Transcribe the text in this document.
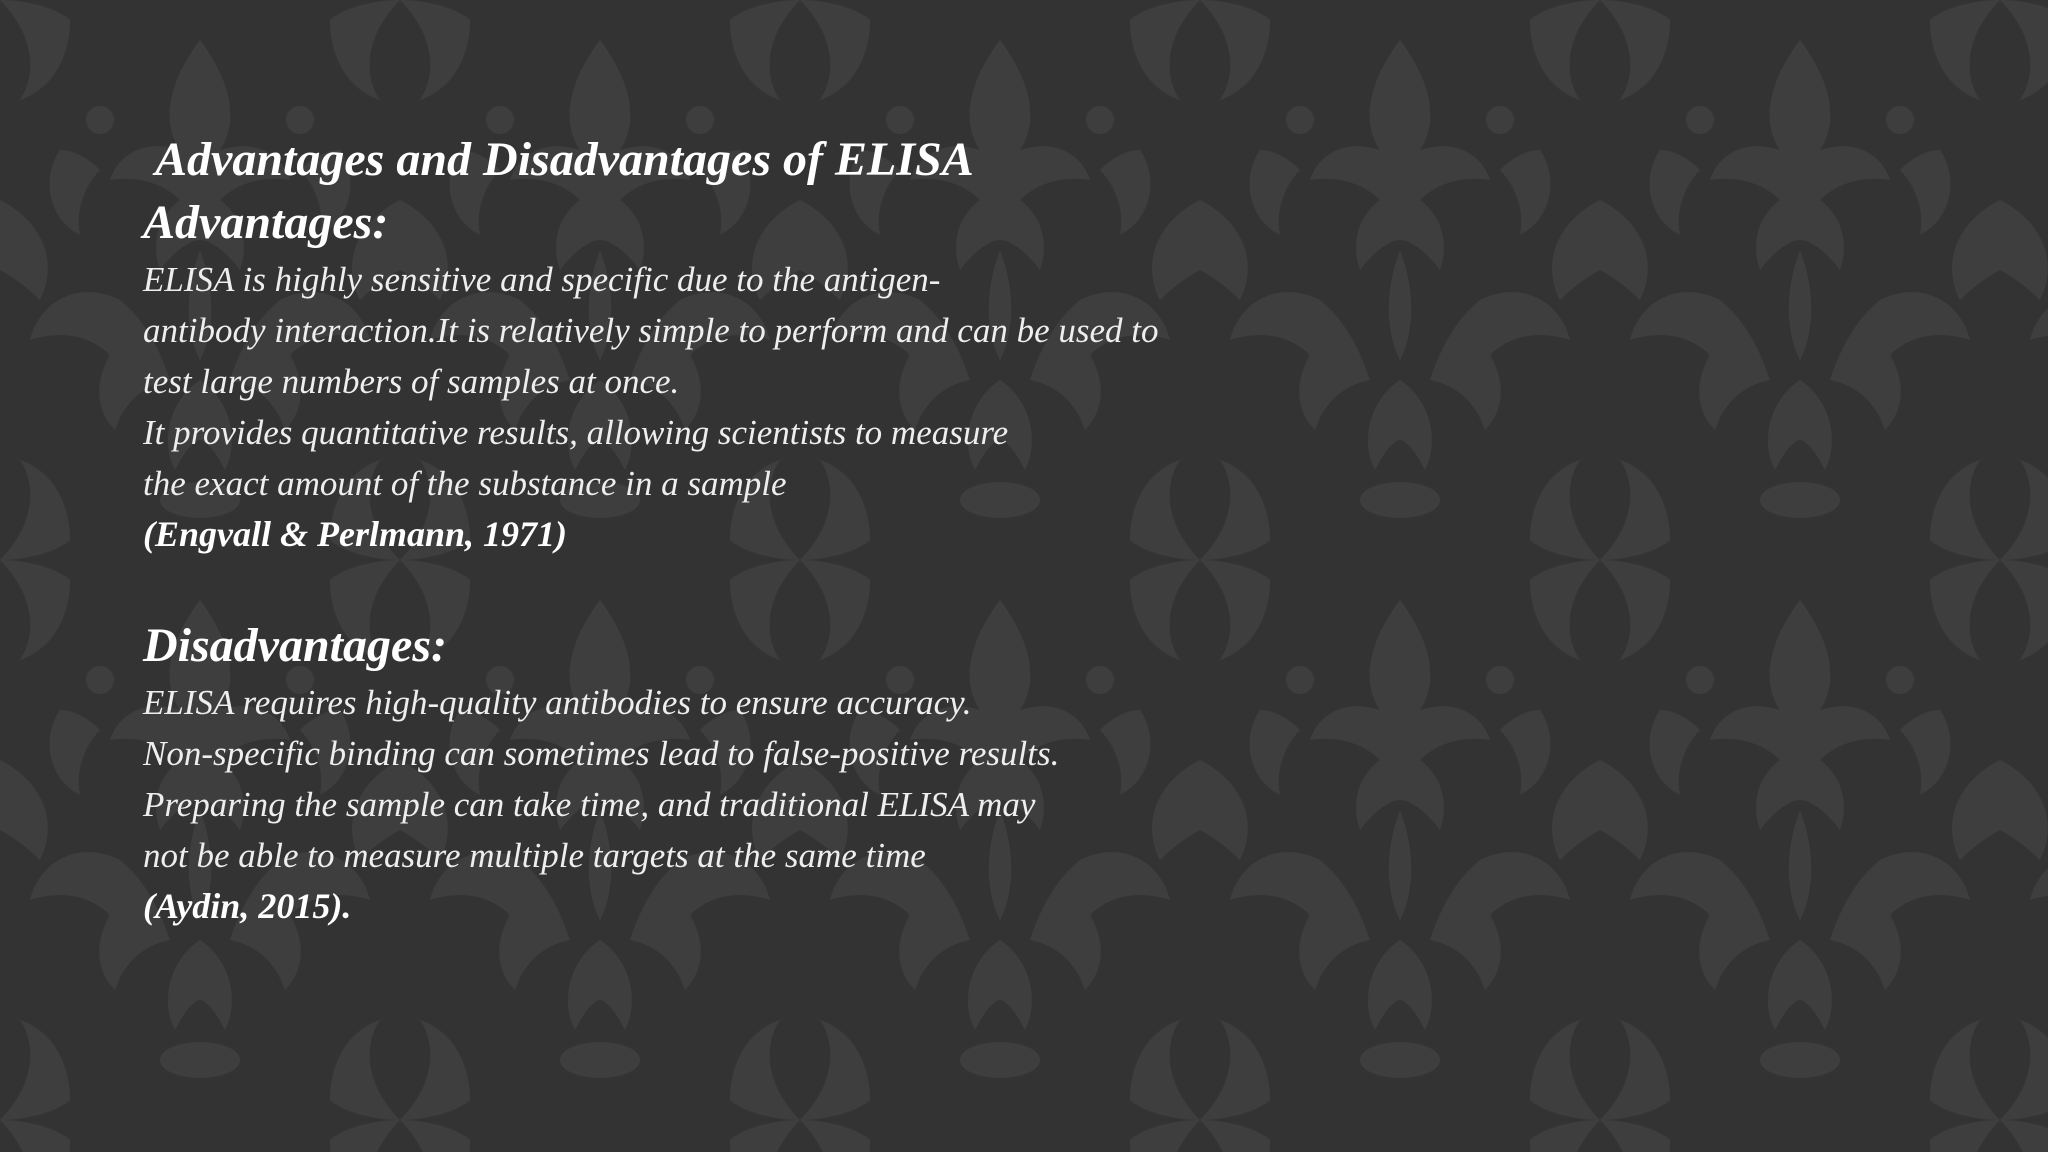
Advantages and Disadvantages of ELISA
Advantages:
ELISA is highly sensitive and specific due to the antigen-
antibody interaction.It is relatively simple to perform and can be used to
test large numbers of samples at once.
It provides quantitative results, allowing scientists to measure
the exact amount of the substance in a sample
(Engvall & Perlmann, 1971)
Disadvantages:
ELISA requires high-quality antibodies to ensure accuracy.
Non-specific binding can sometimes lead to false-positive results.
Preparing the sample can take time, and traditional ELISA may
not be able to measure multiple targets at the same time
(Aydin, 2015).
